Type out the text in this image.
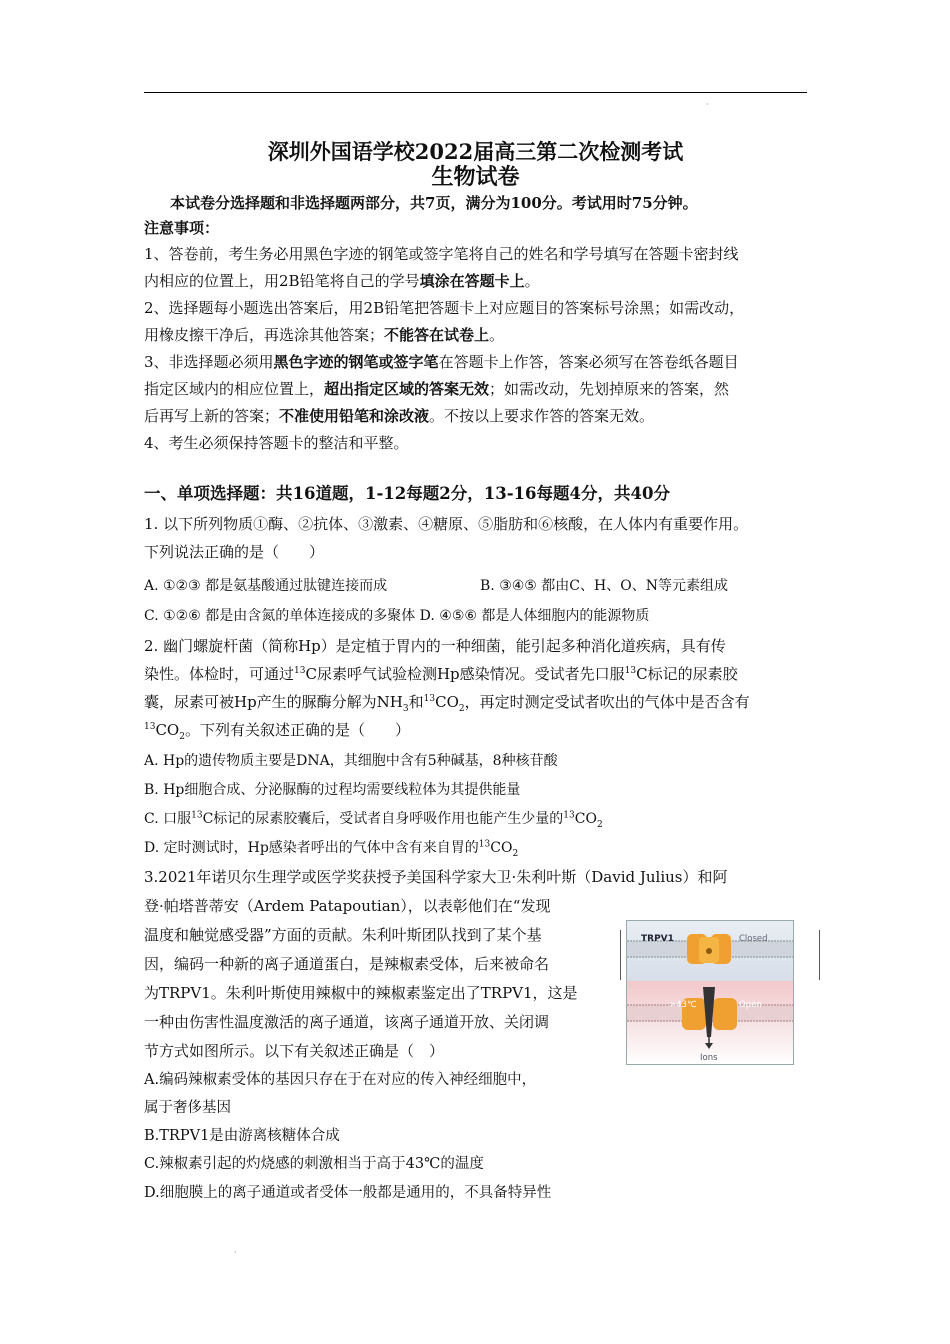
深圳外国语学校2022届高三第二次检测考试
生物试卷
本试卷分选择题和非选择题两部分，共7页，满分为100分。考试用时75分钟。
注意事项：
1、答卷前，考生务必用黑色字迹的钢笔或签字笔将自己的姓名和学号填写在答题卡密封线
内相应的位置上，用2B铅笔将自己的学号填涂在答题卡上。
2、选择题每小题选出答案后，用2B铅笔把答题卡上对应题目的答案标号涂黑；如需改动，
用橡皮擦干净后，再选涂其他答案；不能答在试卷上。
3、非选择题必须用黑色字迹的钢笔或签字笔在答题卡上作答，答案必须写在答卷纸各题目
指定区域内的相应位置上，超出指定区域的答案无效；如需改动，先划掉原来的答案，然
后再写上新的答案；不准使用铅笔和涂改液。不按以上要求作答的答案无效。
4、考生必须保持答题卡的整洁和平整。
一、单项选择题：共16道题，1-12每题2分，13-16每题4分，共40分
1. 以下所列物质①酶、②抗体、③激素、④糖原、⑤脂肪和⑥核酸，在人体内有重要作用。
下列说法正确的是（　　）
A. ①②③ 都是氨基酸通过肽键连接而成	B. ③④⑤ 都由C、H、O、N等元素组成
C. ①②⑥ 都是由含氮的单体连接成的多聚体 D. ④⑤⑥ 都是人体细胞内的能源物质
2. 幽门螺旋杆菌（简称Hp）是定植于胃内的一种细菌，能引起多种消化道疾病，具有传
染性。体检时，可通过$^{13}$C尿素呼气试验检测Hp感染情况。受试者先口服$^{13}$C标记的尿素胶
囊，尿素可被Hp产生的脲酶分解为$NH_3$和$^{13}CO_2$，再定时测定受试者吹出的气体中是否含有
$^{13}CO_2$。下列有关叙述正确的是（　　）
A. Hp的遗传物质主要是DNA，其细胞中含有5种碱基，8种核苷酸
B. Hp细胞合成、分泌脲酶的过程均需要线粒体为其提供能量
C. 口服$^{13}$C标记的尿素胶囊后，受试者自身呼吸作用也能产生少量的$^{13}CO_2$
D. 定时测试时，Hp感染者呼出的气体中含有来自胃的$^{13}CO_2$
3.2021年诺贝尔生理学或医学奖获授予美国科学家大卫·朱利叶斯（David Julius）和阿
登·帕塔普蒂安（Ardem Patapoutian），以表彰他们在“发现
温度和触觉感受器”方面的贡献。朱利叶斯团队找到了某个基
因，编码一种新的离子通道蛋白，是辣椒素受体，后来被命名
为TRPV1。朱利叶斯使用辣椒中的辣椒素鉴定出了TRPV1，这是
一种由伤害性温度激活的离子通道，该离子通道开放、关闭调
节方式如图所示。以下有关叙述正确是（　）
A.编码辣椒素受体的基因只存在于在对应的传入神经细胞中，
属于奢侈基因
B.TRPV1是由游离核糖体合成
C.辣椒素引起的灼烧感的刺激相当于高于43℃的温度
D.细胞膜上的离子通道或者受体一般都是通用的，不具备特异性
TRPV1	Closed
>43℃	Open
Ions
·
·
